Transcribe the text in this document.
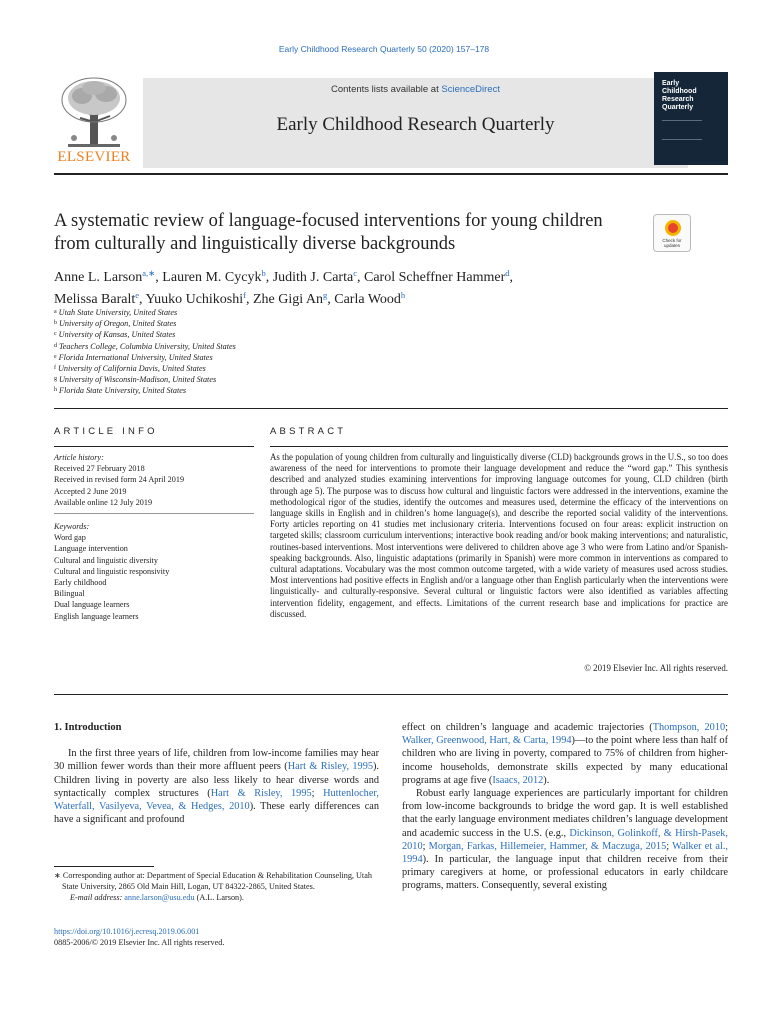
Early Childhood Research Quarterly 50 (2020) 157–178
ELSEVIER
Contents lists available at ScienceDirect
Early Childhood Research Quarterly
Early
Childhood
Research
Quarterly
A systematic review of language-focused interventions for young children from culturally and linguistically diverse backgrounds	Check for
updates
Anne L. Larson$^{a,∗}$, Lauren M. Cycyk$^b$, Judith J. Carta$^c$, Carol Scheffner Hammer$^d$,
Melissa Baralt$^e$, Yuuko Uchikoshi$^f$, Zhe Gigi An$^g$, Carla Wood$^h$
$^a$ Utah State University, United States
$^b$ University of Oregon, United States
$^c$ University of Kansas, United States
$^d$ Teachers College, Columbia University, United States
$^e$ Florida International University, United States
$^f$ University of California Davis, United States
$^g$ University of Wisconsin-Madison, United States
$^h$ Florida State University, United States
ARTICLE INFO
Article history:
Received 27 February 2018
Received in revised form 24 April 2019
Accepted 2 June 2019
Available online 12 July 2019
Keywords:
Word gap
Language intervention
Cultural and linguistic diversity
Cultural and linguistic responsivity
Early childhood
Bilingual
Dual language learners
English language learners
ABSTRACT
As the population of young children from culturally and linguistically diverse (CLD) backgrounds grows in the U.S., so too does awareness of the need for interventions to promote their language development and reduce the “word gap.” This synthesis described and analyzed studies examining interventions for improving language outcomes for young, CLD children (birth through age 5). The purpose was to discuss how cultural and linguistic factors were addressed in the interventions, examine the methodological rigor of the studies, identify the outcomes and measures used, determine the efficacy of the interventions on language skills in English and in children’s home language(s), and describe the reported social validity of the interventions. Forty articles reporting on 41 studies met inclusionary criteria. Interventions focused on four areas: explicit instruction on targeted skills; classroom curriculum interventions; interactive book reading and/or book making interventions; and naturalistic, routines-based interventions. Most interventions were delivered to children above age 3 who were from Latino and/or Spanish-speaking backgrounds. Also, linguistic adaptations (primarily in Spanish) were more common in interventions as compared to cultural adaptations. Vocabulary was the most common outcome targeted, with a wide variety of measures used across studies. Most interventions had positive effects in English and/or a language other than English particularly when the interventions were linguistically- and culturally-responsive. Several cultural or linguistic factors were also identified as variables affecting intervention fidelity, engagement, and effects. Limitations of the current research base and implications for practice are discussed.
© 2019 Elsevier Inc. All rights reserved.
1. Introduction
In the first three years of life, children from low-income families may hear 30 million fewer words than their more affluent peers (Hart & Risley, 1995). Children living in poverty are also less likely to hear diverse words and syntactically complex structures (Hart & Risley, 1995; Huttenlocher, Waterfall, Vasilyeva, Vevea, & Hedges, 2010). These early differences can have a significant and profound
∗ Corresponding author at: Department of Special Education & Rehabilitation Counseling, Utah State University, 2865 Old Main Hill, Logan, UT 84322-2865, United States.
E-mail address: anne.larson@usu.edu (A.L. Larson).
https://doi.org/10.1016/j.ecresq.2019.06.001
0885-2006/© 2019 Elsevier Inc. All rights reserved.
effect on children’s language and academic trajectories (Thompson, 2010; Walker, Greenwood, Hart, & Carta, 1994)—to the point where less than half of children who are living in poverty, compared to 75% of children from higher-income households, demonstrate skills expected by many educational programs at age five (Isaacs, 2012).
Robust early language experiences are particularly important for children from low-income backgrounds to bridge the word gap. It is well established that the early language environment mediates children’s language development and academic success in the U.S. (e.g., Dickinson, Golinkoff, & Hirsh-Pasek, 2010; Morgan, Farkas, Hillemeier, Hammer, & Maczuga, 2015; Walker et al., 1994). In particular, the language input that children receive from their primary caregivers at home, or professional educators in early childcare programs, matters. Consequently, several existing
